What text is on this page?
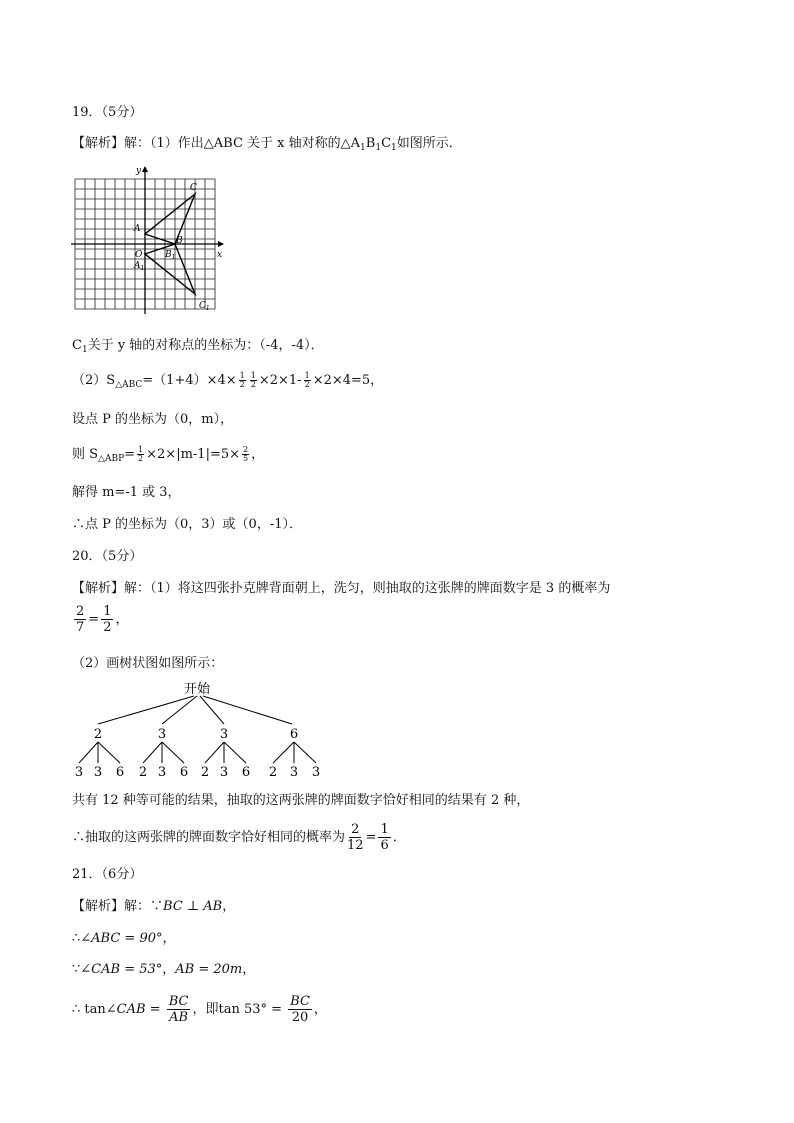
19．（5分）
【解析】解：（1）作出△ABC 关于 x 轴对称的$\triangle A_1B_1C_1$如图所示．
y
x
C
A
B
O	$B_1$
$A_1$
$C_1$
$C_1$关于 y 轴的对称点的坐标为：（-4，-4）．
$(2)S_{\triangle ABC}=(1+4)\times 4\times \frac{1}{2} \frac{1}{2} \times 2\times 1- \frac{1}{2} \times 2\times 4=5$，
设点 P 的坐标为（0，m），
则 $S_{\triangle ABP}= \frac{1}{2} \times 2\times|m-1|=5\times \frac{2}{5}$ ，
解得 m=-1 或 3，
∴点 P 的坐标为（0，3）或（0，-1）．
20．（5分）
【解析】解：（1）将这四张扑克牌背面朝上，洗匀，则抽取的这张牌的牌面数字是 3 的概率为
$\frac{2}{7} = \frac{1}{2}$ ，
（2）画树状图如图所示：
开始
2	3	3	6
3 3 6 2 3 6 2 3 6 2 3 3
共有 12 种等可能的结果，抽取的这两张牌的牌面数字恰好相同的结果有 2 种，
∴抽取的这两张牌的牌面数字恰好相同的概率为 $\frac{2}{12} = \frac{1}{6}$ ．
21．（6分）
【解析】解：∵BC ⊥ AB，
∴∠ABC = 90°，
∵∠CAB = 53°，AB = 20m，
∴ tan∠CAB = $\frac{BC}{AB}$ ，即$\tan 53^\circ = \frac{BC}{20}$ ，
